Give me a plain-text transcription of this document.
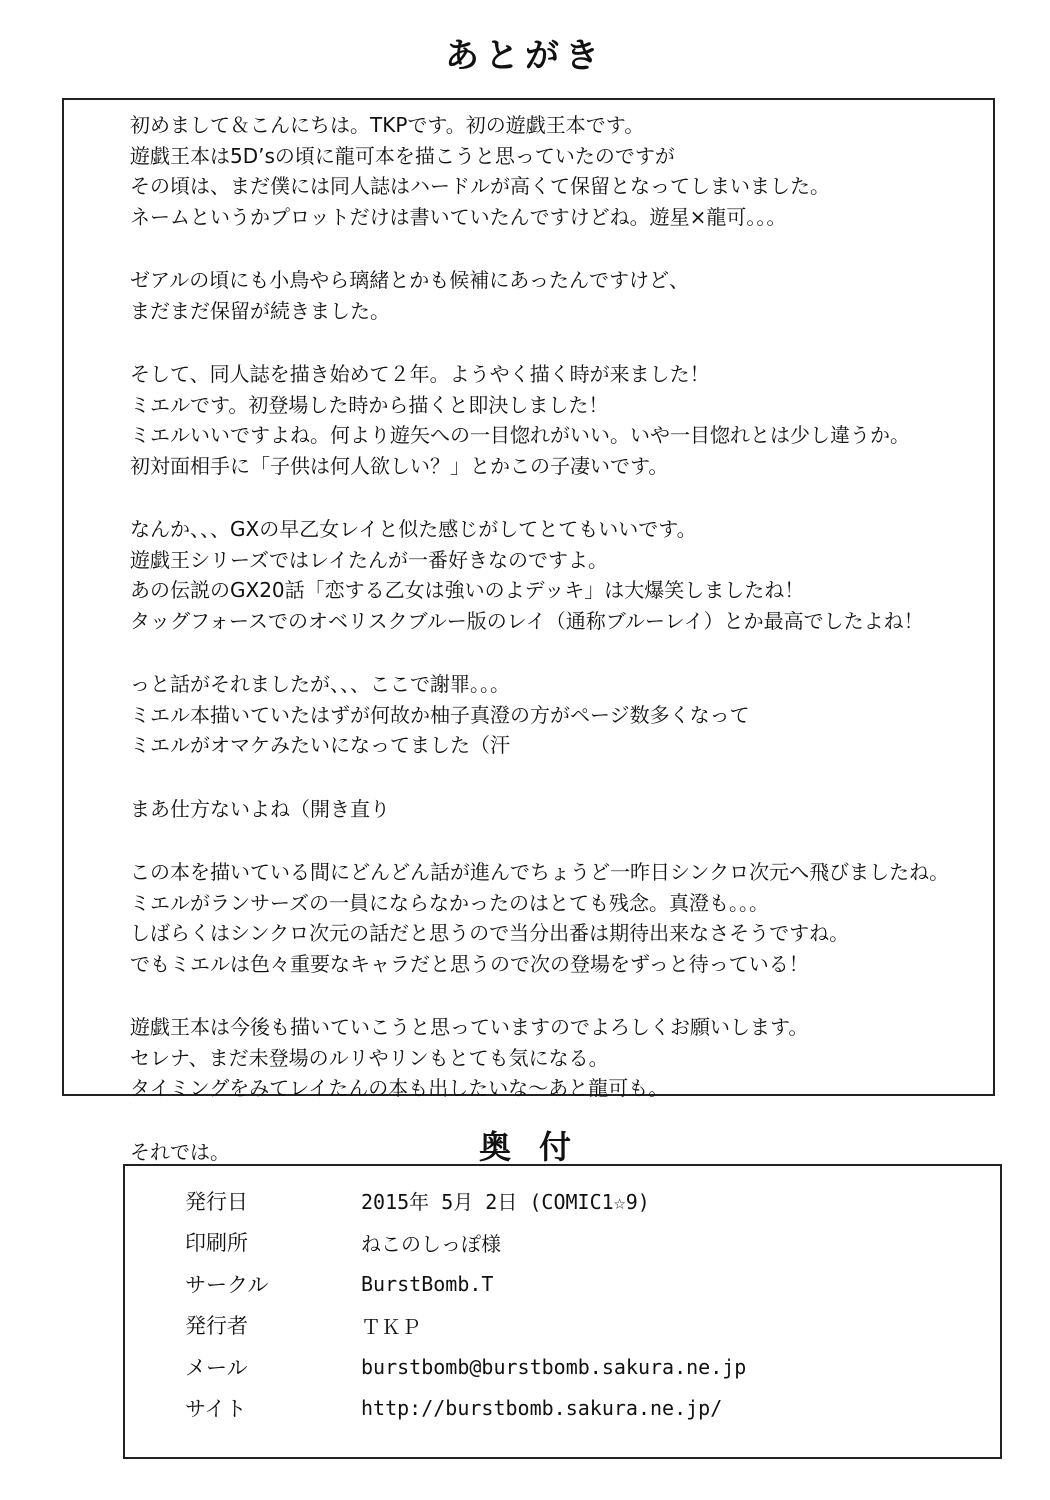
あとがき
初めまして＆こんにちは。TKPです。初の遊戯王本です。
遊戯王本は5D’sの頃に龍可本を描こうと思っていたのですが
その頃は、まだ僕には同人誌はハードルが高くて保留となってしまいました。
ネームというかプロットだけは書いていたんですけどね。遊星×龍可。。。
ゼアルの頃にも小鳥やら璃緒とかも候補にあったんですけど、
まだまだ保留が続きました。
そして、同人誌を描き始めて２年。ようやく描く時が来ました！
ミエルです。初登場した時から描くと即決しました！
ミエルいいですよね。何より遊矢への一目惚れがいい。いや一目惚れとは少し違うか。
初対面相手に「子供は何人欲しい？」とかこの子凄いです。
なんか、、、GXの早乙女レイと似た感じがしてとてもいいです。
遊戯王シリーズではレイたんが一番好きなのですよ。
あの伝説のGX20話「恋する乙女は強いのよデッキ」は大爆笑しましたね！
タッグフォースでのオベリスクブルー版のレイ（通称ブルーレイ）とか最高でしたよね！
っと話がそれましたが、、、ここで謝罪。。。
ミエル本描いていたはずが何故か柚子真澄の方がページ数多くなって
ミエルがオマケみたいになってました（汗
まあ仕方ないよね（開き直り
この本を描いている間にどんどん話が進んでちょうど一昨日シンクロ次元へ飛びましたね。
ミエルがランサーズの一員にならなかったのはとても残念。真澄も。。。
しばらくはシンクロ次元の話だと思うので当分出番は期待出来なさそうですね。
でもミエルは色々重要なキャラだと思うので次の登場をずっと待っている！
遊戯王本は今後も描いていこうと思っていますのでよろしくお願いします。
セレナ、まだ未登場のルリやリンもとても気になる。
タイミングをみてレイたんの本も出したいな～あと龍可も。
それでは。	奥付
発行日	2015年 5月 2日 (COMIC1☆9)
印刷所	ねこのしっぽ様
サークル	BurstBomb.T
発行者	ＴＫＰ
メール	burstbomb@burstbomb.sakura.ne.jp
サイト	http://burstbomb.sakura.ne.jp/
